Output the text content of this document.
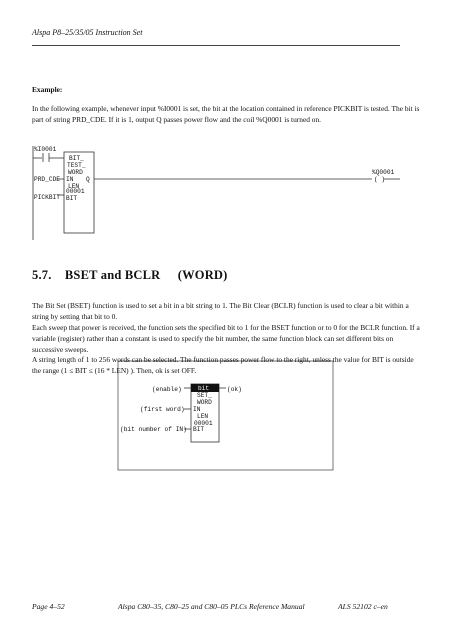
Alspa P8–25/35/05 Instruction Set
Example:
In the following example, whenever input %I0001 is set, the bit at the location contained in reference PICKBIT is tested. The bit is part of string PRD_CDE. If it is 1, output Q passes power flow and the coil %Q0001 is turned on.
%I0001
BIT_
TEST_
WORD
IN Q
LEN
00001
BIT
PRD_CDE
PICKBIT
%Q0001
( )
5.7. BSET and BCLR (WORD)
The Bit Set (BSET) function is used to set a bit in a bit string to 1. The Bit Clear (BCLR) function is used to clear a bit within a string by setting that bit to 0.
Each sweep that power is received, the function sets the specified bit to 1 for the BSET function or to 0 for the BCLR function. If a variable (register) rather than a constant is used to specify the bit number, the same function block can set different bits on successive sweeps.
A string length of 1 to 256 words can be selected. The function passes power flow to the right, unless the value for BIT is outside the range (1 ≤ BIT ≤ (16 * LEN) ). Then, ok is set OFF.
(enable)	bit	(ok)
SET_
WORD
(first word) IN
LEN
00001
(bit number of IN) BIT
Page 4–52	Alspa C80–35, C80–25 and C80–05 PLCs Reference Manual	ALS 52102 c–en
